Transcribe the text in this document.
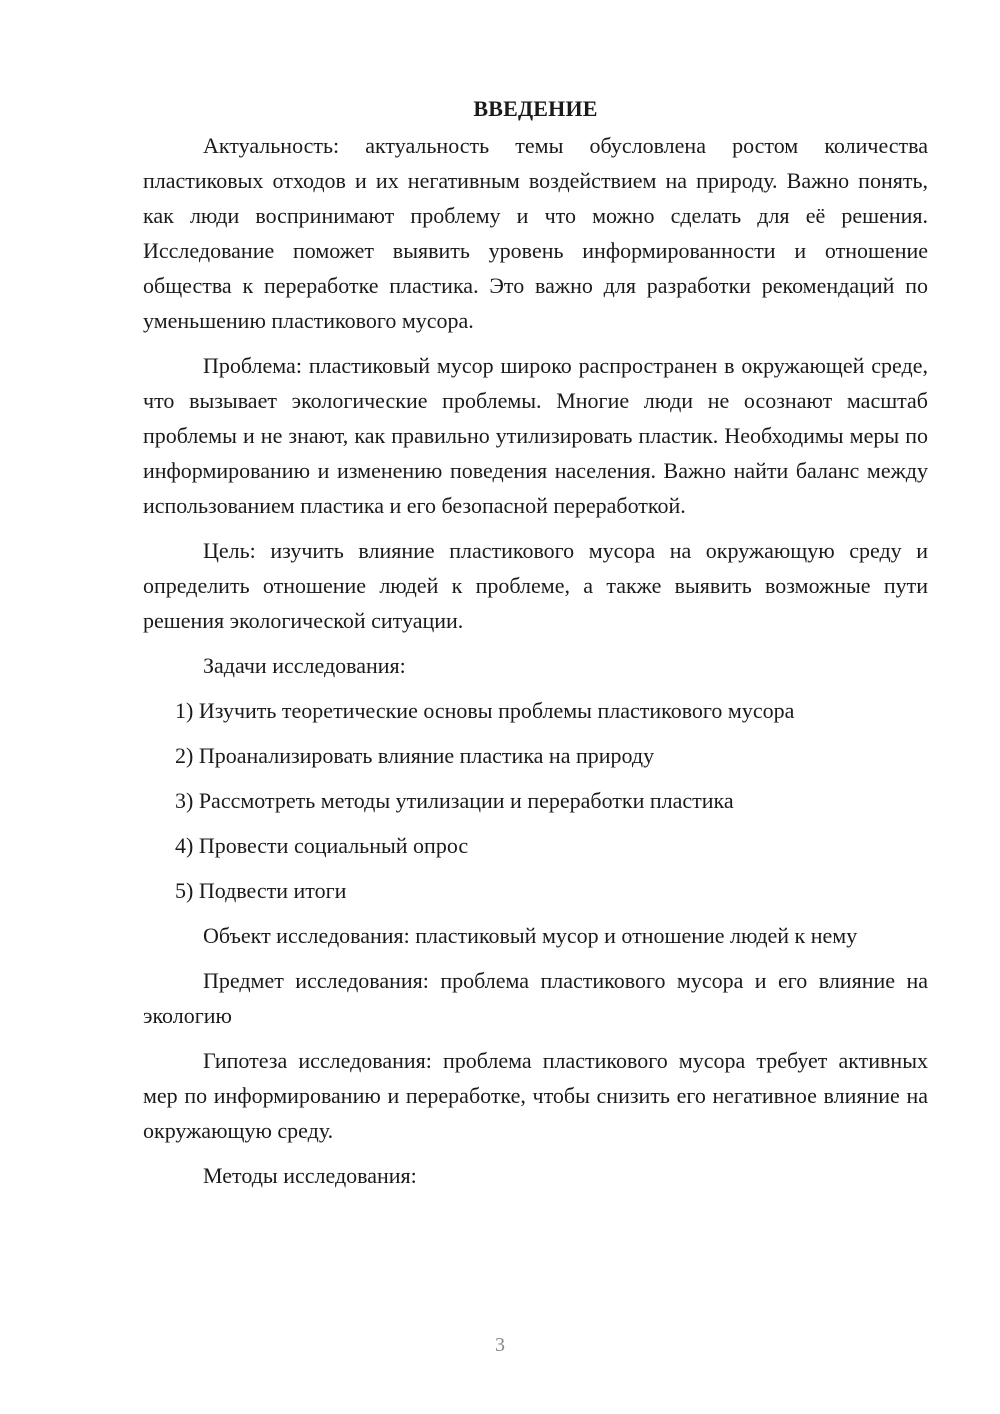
ВВЕДЕНИЕ

Актуальность: актуальность темы обусловлена ростом количества пластиковых отходов и их негативным воздействием на природу. Важно понять, как люди воспринимают проблему и что можно сделать для её решения. Исследование поможет выявить уровень информированности и отношение общества к переработке пластика. Это важно для разработки рекомендаций по уменьшению пластикового мусора.

Проблема: пластиковый мусор широко распространен в окружающей среде, что вызывает экологические проблемы. Многие люди не осознают масштаб проблемы и не знают, как правильно утилизировать пластик. Необходимы меры по информированию и изменению поведения населения. Важно найти баланс между использованием пластика и его безопасной переработкой.

Цель: изучить влияние пластикового мусора на окружающую среду и определить отношение людей к проблеме, а также выявить возможные пути решения экологической ситуации.

Задачи исследования:

1) Изучить теоретические основы проблемы пластикового мусора
2) Проанализировать влияние пластика на природу
3) Рассмотреть методы утилизации и переработки пластика
4) Провести социальный опрос
5) Подвести итоги

Объект исследования: пластиковый мусор и отношение людей к нему

Предмет исследования: проблема пластикового мусора и его влияние на экологию

Гипотеза исследования: проблема пластикового мусора требует активных мер по информированию и переработке, чтобы снизить его негативное влияние на окружающую среду.

Методы исследования:

3
